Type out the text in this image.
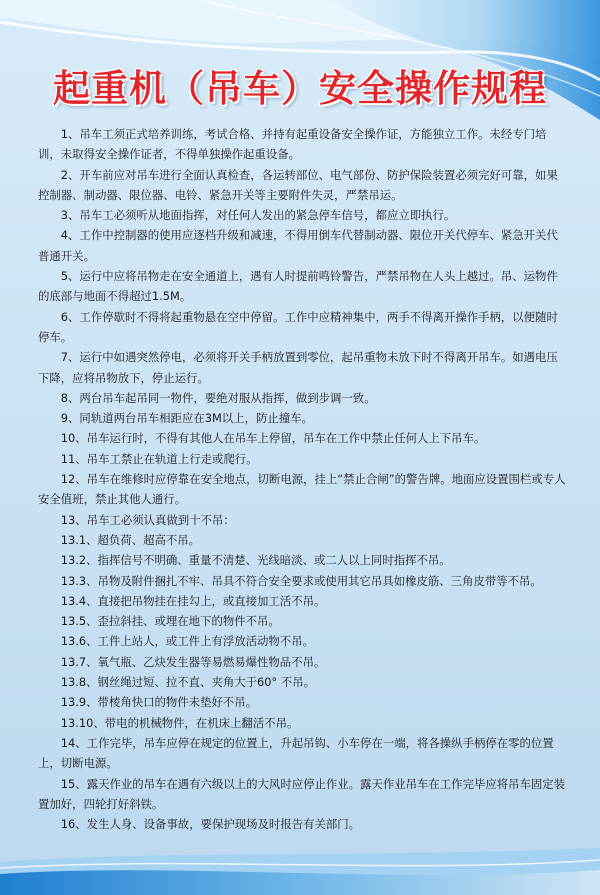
起重机（吊车）安全操作规程

1、吊车工须正式培养训练，考试合格、并持有起重设备安全操作证，方能独立工作。未经专门培训，未取得安全操作证者，不得单独操作起重设备。

2、开车前应对吊车进行全面认真检查，各运转部位、电气部份、防护保险装置必须完好可靠，如果控制器、制动器、限位器、电铃、紧急开关等主要附件失灵，严禁吊运。

3、吊车工必须听从地面指挥，对任何人发出的紧急停车信号，都应立即执行。

4、工作中控制器的使用应逐档升级和减速，不得用倒车代替制动器、限位开关代停车、紧急开关代普通开关。

5、运行中应将吊物走在安全通道上，遇有人时提前鸣铃警告，严禁吊物在人头上越过。吊、运物件的底部与地面不得超过1.5M。

6、工作停歇时不得将起重物悬在空中停留。工作中应精神集中，两手不得离开操作手柄，以便随时停车。

7、运行中如遇突然停电，必须将开关手柄放置到零位，起吊重物未放下时不得离开吊车。如遇电压下降，应将吊物放下，停止运行。

8、两台吊车起吊同一物件，要绝对服从指挥，做到步调一致。

9、同轨道两台吊车相距应在3M以上，防止撞车。

10、吊车运行时，不得有其他人在吊车上停留，吊车在工作中禁止任何人上下吊车。

11、吊车工禁止在轨道上行走或爬行。

12、吊车在维修时应停靠在安全地点，切断电源，挂上“禁止合闸”的警告牌。地面应设置围栏或专人安全值班，禁止其他人通行。

13、吊车工必须认真做到十不吊：

13.1、超负荷、超高不吊。

13.2、指挥信号不明确、重量不清楚、光线暗淡、或二人以上同时指挥不吊。

13.3、吊物及附件捆扎不牢、吊具不符合安全要求或使用其它吊具如橡皮筋、三角皮带等不吊。

13.4、直接把吊物挂在挂勾上，或直接加工活不吊。

13.5、歪拉斜挂、或埋在地下的物件不吊。

13.6、工件上站人，或工件上有浮放活动物不吊。

13.7、氧气瓶、乙炔发生器等易燃易爆性物品不吊。

13.8、钢丝绳过短、拉不直、夹角大于60° 不吊。

13.9、带棱角快口的物件未垫好不吊。

13.10、带电的机械物件，在机床上翻活不吊。

14、工作完毕，吊车应停在规定的位置上，升起吊钩、小车停在一端，将各操纵手柄停在零的位置上，切断电源。

15、露天作业的吊车在遇有六级以上的大风时应停止作业。露天作业吊车在工作完毕应将吊车固定装置加好，四轮打好斜铁。

16、发生人身、设备事故，要保护现场及时报告有关部门。
